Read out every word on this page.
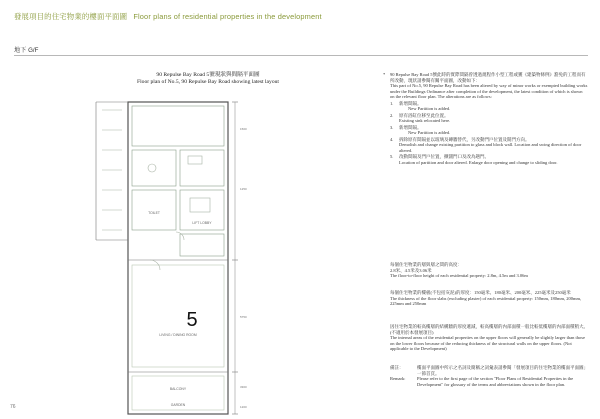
發展項目的住宅物業的樓面平面圖 Floor plans of residential properties in the development
地下 G/F
90 Repulse Bay Road 5號現狀與間隔平面圖
Floor plan of No.5, 90 Repulse Bay Road showing latest layout
5
TOILET
LIFT LOBBY
LIVING / DINING ROOM
BALCONY
GARDEN
1500
1250
5750
3300
1200
* 90 Repulse Bay Road 5號此時的實際間隔曾透過規程作小型工程或獲《建築物條例》豁免的工程而有所改動，現狀請參閱有關平面圖，改動如下：

This part of No.5, 90 Repulse Bay Road has been altered by way of minor works or exempted building works under the Buildings Ordinance after completion of the development, the latest condition of which is shown on the relevant floor plan. The alterations are as follows:

1. 新增間隔。
New Partition is added.
2. 原有浴缸位移至此位置。
Existing sink relocated here.
3. 新增間隔。
New Partition is added.
4. 拆除原有間隔並以玻璃及磚牆替代，另改動門戶位置及開門方向。
Demolish and change existing partition to glass and block wall. Location and swing direction of door altered.
5. 改動間隔及門戶位置，擴闊門口及改為趟門。
Location of partition and door altered. Enlarge door opening and change to sliding door.

每個住宅物業的層與層之間的高度：

2.8米、4.5米及3.06米

The floor-to-floor height of each residential property: 2.8m, 4.5m and 3.06m

每個住宅物業的樓板(不包括灰泥)的厚度：150毫米、180毫米、200毫米、225毫米及250毫米

The thickness of the floor slabs (excluding plaster) of each residential property: 150mm, 180mm, 200mm, 225mm and 250mm

因住宅物業的較高樓層的結構牆的厚度遞減，較高樓層的內部面積一般比較低樓層的內部面積稍大。(不適用於本發展項目)

The internal areas of the residential properties on the upper floors will generally be slightly larger than those on the lower floors because of the reducing thickness of the structural walls on the upper floors. (Not applicable to the Development)

備註：	樓面平面圖中所示之名詞及簡稱之詞彙表請參閱「發展項目的住宅物業的樓面平面圖」一節首頁。
Remark:	Please refer to the first page of the section "Floor Plans of Residential Properties in the Development" for glossary of the terms and abbreviations shown in the floor plan.
76
